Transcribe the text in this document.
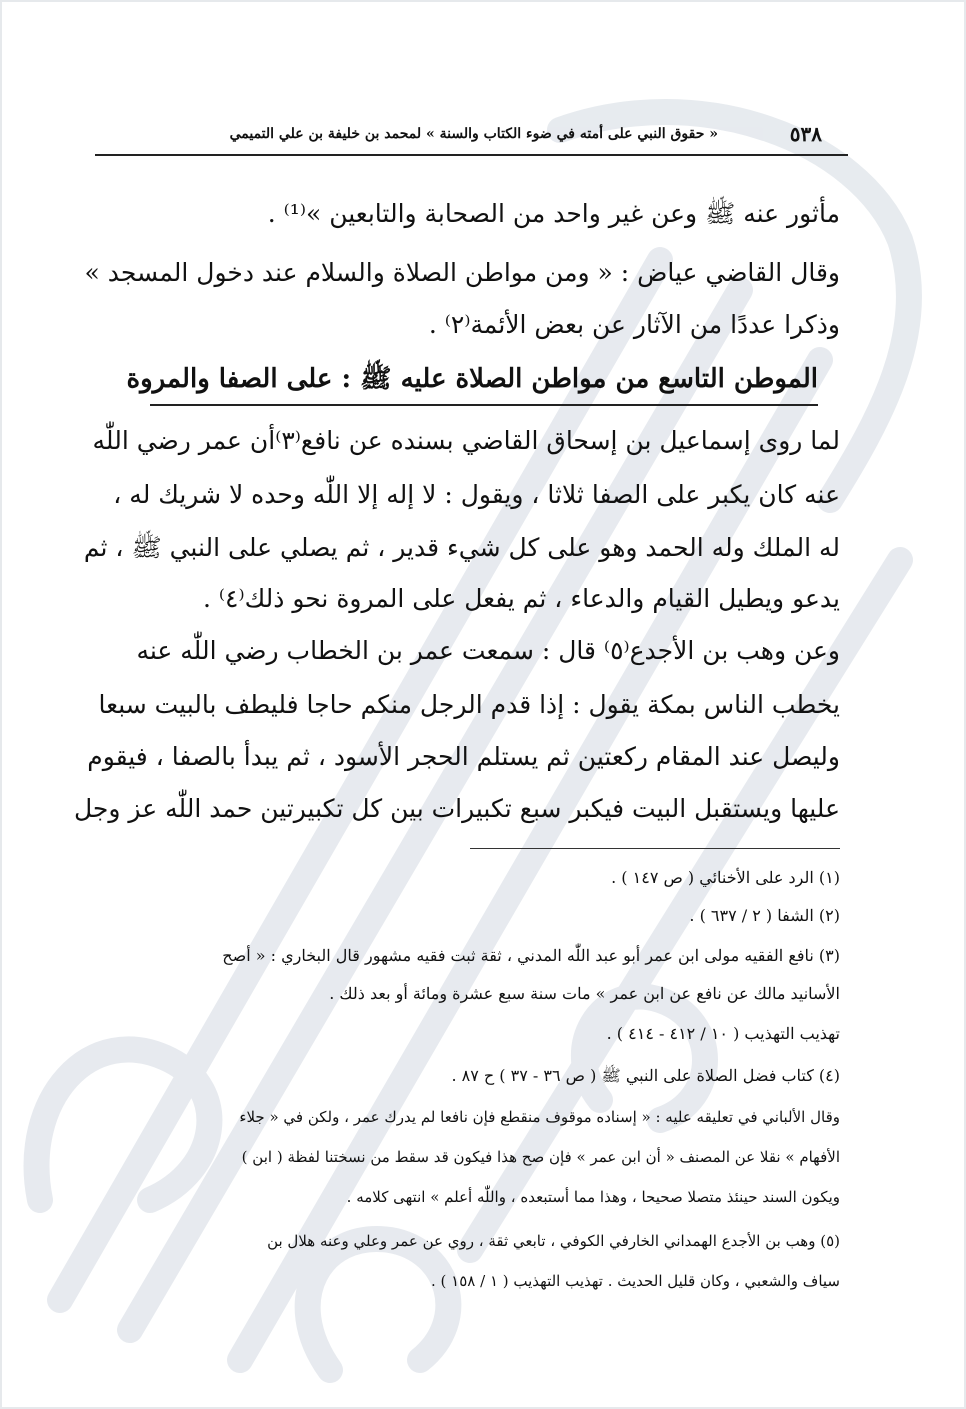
٥٣٨
« حقوق النبي على أمته في ضوء الكتاب والسنة » لمحمد بن خليفة بن علي التميمي
مأثور عنه ﷺ وعن غير واحد من الصحابة والتابعين »⁽¹⁾ .
وقال القاضي عياض : « ومن مواطن الصلاة والسلام عند دخول المسجد »
وذكرا عددًا من الآثار عن بعض الأئمة⁽٢⁾ .
الموطن التاسع من مواطن الصلاة عليه ﷺ : على الصفا والمروة
لما روى إسماعيل بن إسحاق القاضي بسنده عن نافع⁽٣⁾أن عمر رضي اللّٰه
عنه كان يكبر على الصفا ثلاثا ، ويقول : لا إله إلا اللّٰه وحده لا شريك له ،
له الملك وله الحمد وهو على كل شيء قدير ، ثم يصلي على النبي ﷺ ، ثم
يدعو ويطيل القيام والدعاء ، ثم يفعل على المروة نحو ذلك⁽٤⁾ .
وعن وهب بن الأجدع⁽٥⁾ قال : سمعت عمر بن الخطاب رضي اللّٰه عنه
يخطب الناس بمكة يقول : إذا قدم الرجل منكم حاجا فليطف بالبيت سبعا
وليصل عند المقام ركعتين ثم يستلم الحجر الأسود ، ثم يبدأ بالصفا ، فيقوم
عليها ويستقبل البيت فيكبر سبع تكبيرات بين كل تكبيرتين حمد اللّٰه عز وجل
(١) الرد على الأخنائي ( ص ١٤٧ ) .
(٢) الشفا ( ٢ / ٦٣٧ ) .
(٣) نافع الفقيه مولى ابن عمر أبو عبد اللّٰه المدني ، ثقة ثبت فقيه مشهور قال البخاري : « أصح
الأسانيد مالك عن نافع عن ابن عمر » مات سنة سبع عشرة ومائة أو بعد ذلك .
تهذيب التهذيب ( ١٠ / ٤١٢ - ٤١٤ ) .
(٤) كتاب فضل الصلاة على النبي ﷺ ( ص ٣٦ - ٣٧ ) ح ٨٧ .
وقال الألباني في تعليقه عليه : « إسناده موقوف منقطع فإن نافعا لم يدرك عمر ، ولكن في « جلاء
الأفهام » نقلا عن المصنف « أن ابن عمر » فإن صح هذا فيكون قد سقط من نسختنا لفظة ( ابن )
ويكون السند حينئذ متصلا صحيحا ، وهذا مما أستبعده ، واللّٰه أعلم » انتهى كلامه .
(٥) وهب بن الأجدع الهمداني الخارفي الكوفي ، تابعي ثقة ، روي عن عمر وعلي وعنه هلال بن
سياف والشعبي ، وكان قليل الحديث . تهذيب التهذيب ( ١ / ١٥٨ ) .
